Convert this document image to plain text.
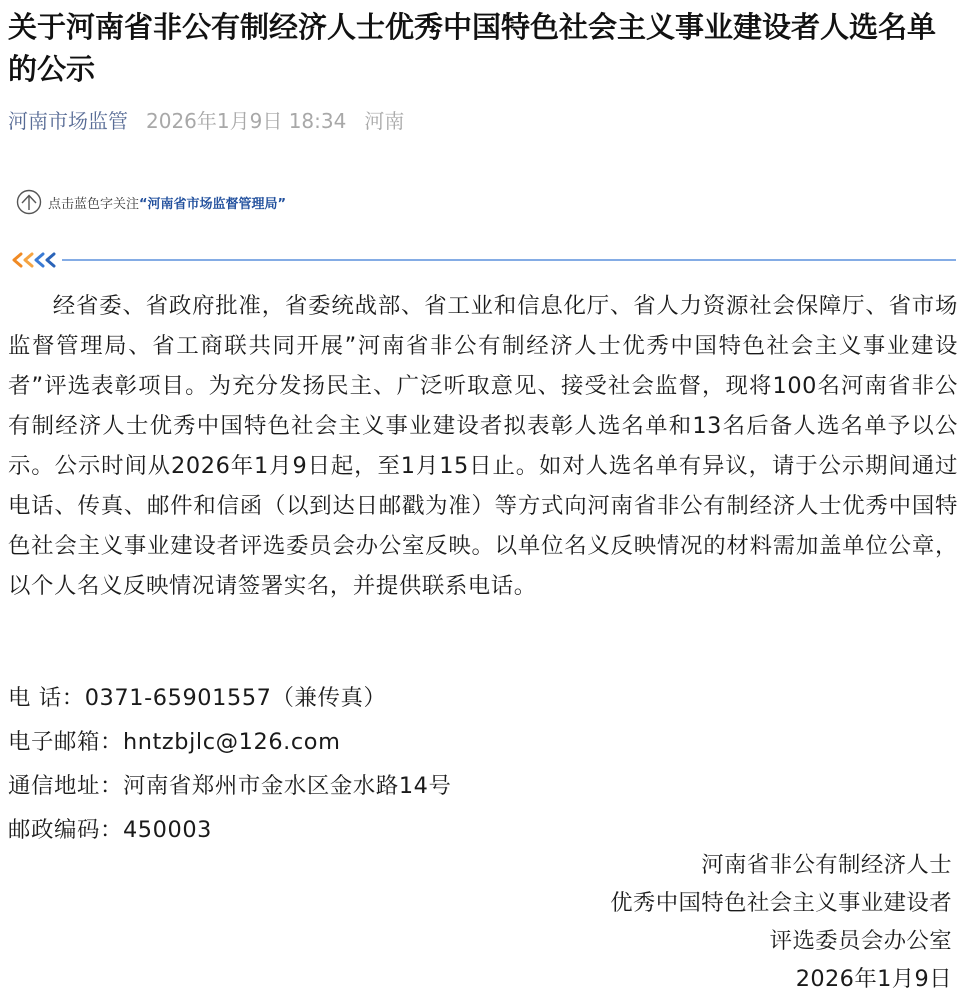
关于河南省非公有制经济人士优秀中国特色社会主义事业建设者人选名单的公示
河南市场监管 2026年1月9日 18:34 河南
点击蓝色字关注 “河南省市场监督管理局”

经省委、省政府批准，省委统战部、省工业和信息化厅、省人力资源社会保障厅、省市场监督管理局、省工商联共同开展”河南省非公有制经济人士优秀中国特色社会主义事业建设者”评选表彰项目。为充分发扬民主、广泛听取意见、接受社会监督，现将100名河南省非公有制经济人士优秀中国特色社会主义事业建设者拟表彰人选名单和13名后备人选名单予以公示。公示时间从2026年1月9日起，至1月15日止。如对人选名单有异议，请于公示期间通过电话、传真、邮件和信函（以到达日邮戳为准）等方式向河南省非公有制经济人士优秀中国特色社会主义事业建设者评选委员会办公室反映。以单位名义反映情况的材料需加盖单位公章，以个人名义反映情况请签署实名，并提供联系电话。

电 话：0371-65901557（兼传真）
电子邮箱：hntzbjlc@126.com
通信地址：河南省郑州市金水区金水路14号
邮政编码：450003
河南省非公有制经济人士
优秀中国特色社会主义事业建设者
评选委员会办公室
2026年1月9日
